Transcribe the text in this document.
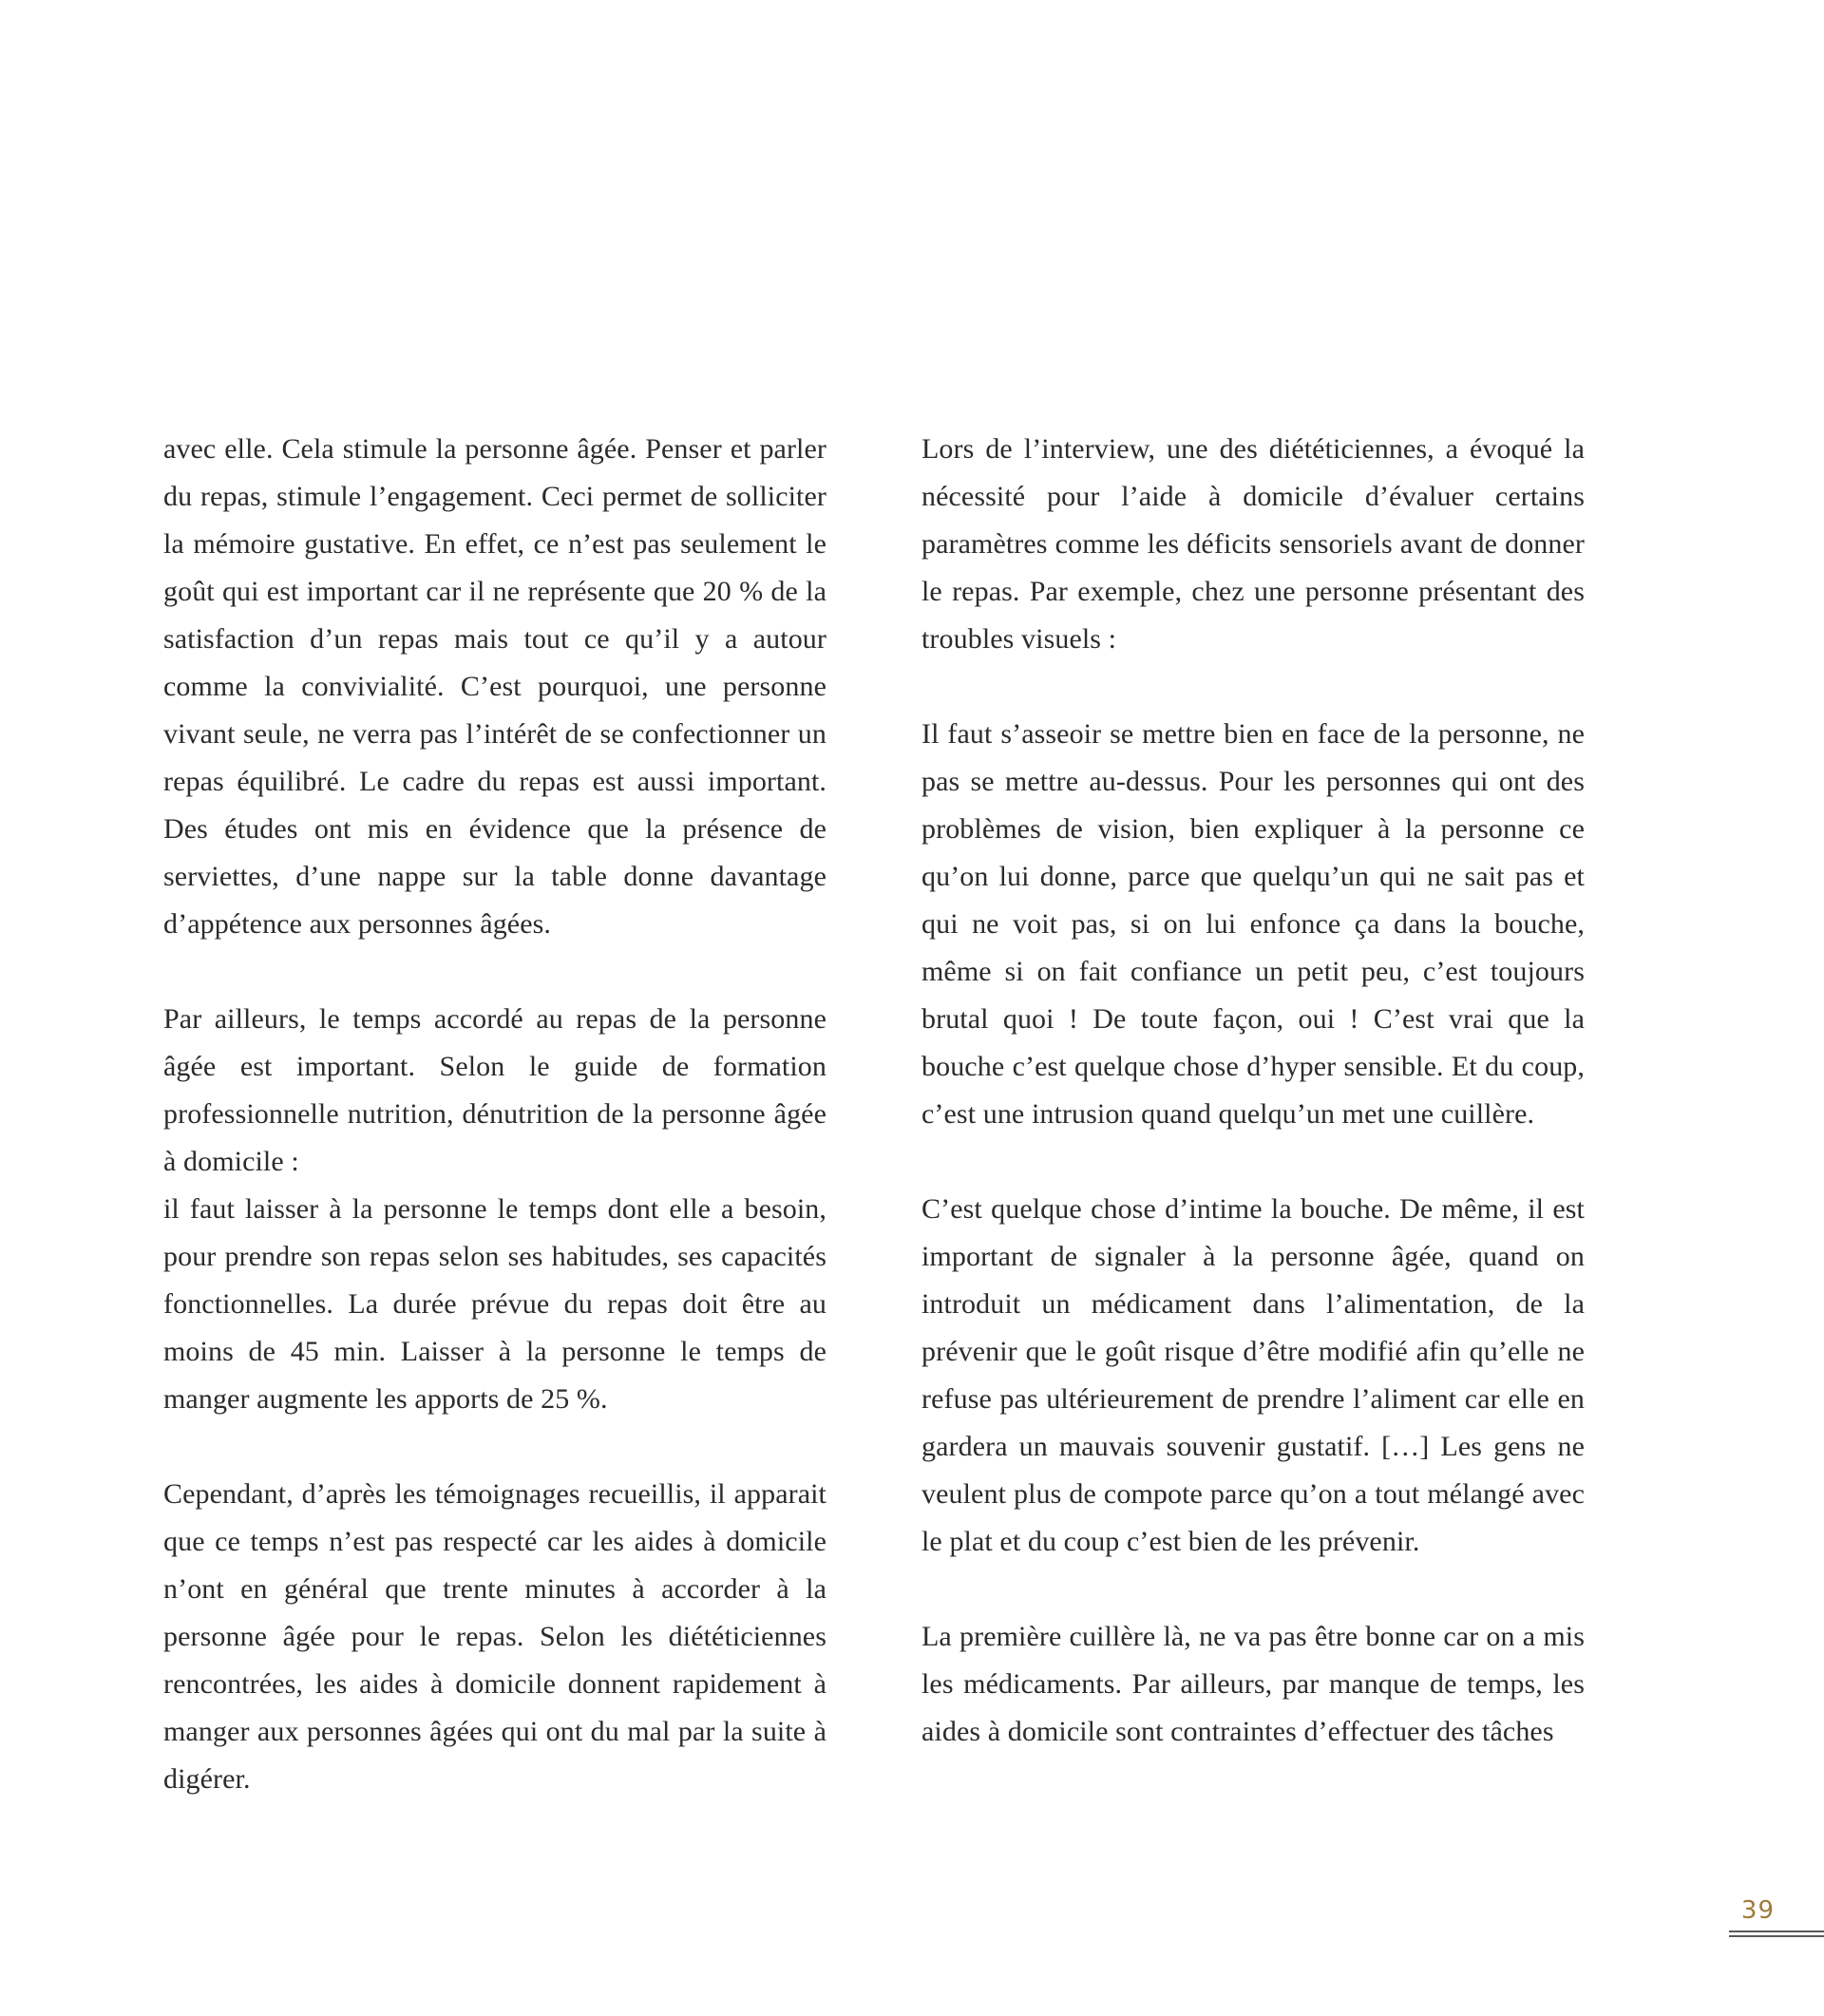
avec elle. Cela stimule la personne âgée. Penser et parler du repas, stimule l’engagement. Ceci permet de solliciter la mémoire gustative. En effet, ce n’est pas seulement le goût qui est important car il ne représente que 20 % de la satisfaction d’un repas mais tout ce qu’il y a autour comme la convivialité. C’est pourquoi, une personne vivant seule, ne verra pas l’intérêt de se confectionner un repas équilibré. Le cadre du repas est aussi important. Des études ont mis en évidence que la présence de serviettes, d’une nappe sur la table donne davantage d’appétence aux personnes âgées.

Par ailleurs, le temps accordé au repas de la personne âgée est important. Selon le guide de formation professionnelle nutrition, dénutrition de la personne âgée à domicile :

il faut laisser à la personne le temps dont elle a besoin, pour prendre son repas selon ses habitudes, ses capacités fonctionnelles. La durée prévue du repas doit être au moins de 45 min. Laisser à la personne le temps de manger augmente les apports de 25 %.

Cependant, d’après les témoignages recueillis, il apparait que ce temps n’est pas respecté car les aides à domicile n’ont en général que trente minutes à accorder à la personne âgée pour le repas. Selon les diététiciennes rencontrées, les aides à domicile donnent rapidement à manger aux personnes âgées qui ont du mal par la suite à digérer.

Lors de l’interview, une des diététiciennes, a évoqué la nécessité pour l’aide à domicile d’évaluer certains paramètres comme les déficits sensoriels avant de donner le repas. Par exemple, chez une personne présentant des troubles visuels :

Il faut s’asseoir se mettre bien en face de la personne, ne pas se mettre au-dessus. Pour les personnes qui ont des problèmes de vision, bien expliquer à la personne ce qu’on lui donne, parce que quelqu’un qui ne sait pas et qui ne voit pas, si on lui enfonce ça dans la bouche, même si on fait confiance un petit peu, c’est toujours brutal quoi ! De toute façon, oui ! C’est vrai que la bouche c’est quelque chose d’hyper sensible. Et du coup, c’est une intrusion quand quelqu’un met une cuillère.

C’est quelque chose d’intime la bouche. De même, il est important de signaler à la personne âgée, quand on introduit un médicament dans l’alimentation, de la prévenir que le goût risque d’être modifié afin qu’elle ne refuse pas ultérieurement de prendre l’aliment car elle en gardera un mauvais souvenir gustatif. […] Les gens ne veulent plus de compote parce qu’on a tout mélangé avec le plat et du coup c’est bien de les prévenir.

La première cuillère là, ne va pas être bonne car on a mis les médicaments. Par ailleurs, par manque de temps, les aides à domicile sont contraintes d’effectuer des tâches

39
